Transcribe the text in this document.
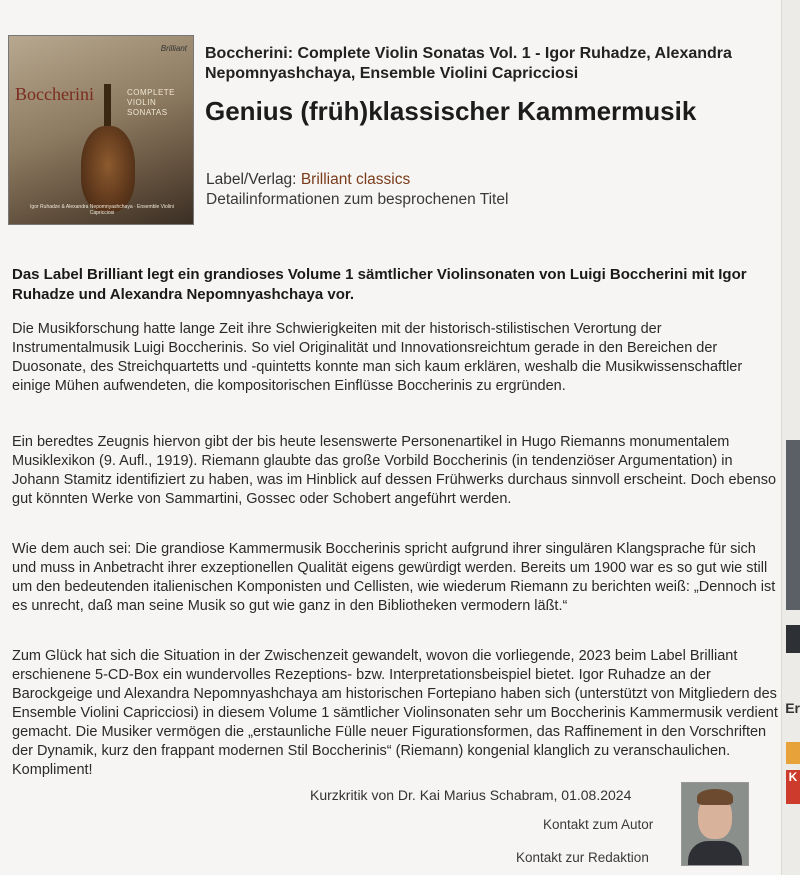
Brilliant
Boccherini	COMPLETE VIOLIN SONATAS
Igor Ruhadze & Alexandra Nepomnyashchaya · Ensemble Violini Capricciosi
Boccherini: Complete Violin Sonatas Vol. 1 - Igor Ruhadze, Alexandra Nepomnyashchaya, Ensemble Violini Capricciosi
Genius (früh)klassischer Kammermusik
Label/Verlag: Brilliant classics
Detailinformationen zum besprochenen Titel
Das Label Brilliant legt ein grandioses Volume 1 sämtlicher Violinsonaten von Luigi Boccherini mit Igor Ruhadze und Alexandra Nepomnyashchaya vor.

Die Musikforschung hatte lange Zeit ihre Schwierigkeiten mit der historisch-stilistischen Verortung der Instrumentalmusik Luigi Boccherinis. So viel Originalität und Innovationsreichtum gerade in den Bereichen der Duosonate, des Streichquartetts und -quintetts konnte man sich kaum erklären, weshalb die Musikwissenschaftler einige Mühen aufwendeten, die kompositorischen Einflüsse Boccherinis zu ergründen.

Ein beredtes Zeugnis hiervon gibt der bis heute lesenswerte Personenartikel in Hugo Riemanns monumentalem Musiklexikon (9. Aufl., 1919). Riemann glaubte das große Vorbild Boccherinis (in tendenziöser Argumentation) in Johann Stamitz identifiziert zu haben, was im Hinblick auf dessen Frühwerks durchaus sinnvoll erscheint. Doch ebenso gut könnten Werke von Sammartini, Gossec oder Schobert angeführt werden.

Wie dem auch sei: Die grandiose Kammermusik Boccherinis spricht aufgrund ihrer singulären Klangsprache für sich und muss in Anbetracht ihrer exzeptionellen Qualität eigens gewürdigt werden. Bereits um 1900 war es so gut wie still um den bedeutenden italienischen Komponisten und Cellisten, wie wiederum Riemann zu berichten weiß: „Dennoch ist es unrecht, daß man seine Musik so gut wie ganz in den Bibliotheken vermodern läßt.“

Zum Glück hat sich die Situation in der Zwischenzeit gewandelt, wovon die vorliegende, 2023 beim Label Brilliant erschienene 5-CD-Box ein wundervolles Rezeptions- bzw. Interpretationsbeispiel bietet. Igor Ruhadze an der Barockgeige und Alexandra Nepomnyashchaya am historischen Fortepiano haben sich (unterstützt von Mitgliedern des Ensemble Violini Capricciosi) in diesem Volume 1 sämtlicher Violinsonaten sehr um Boccherinis Kammermusik verdient gemacht. Die Musiker vermögen die „erstaunliche Fülle neuer Figurationsformen, das Raffinement in den Vorschriften der Dynamik, kurz den frappant modernen Stil Boccherinis“ (Riemann) kongenial klanglich zu veranschaulichen. Kompliment!

Kurzkritik von Dr. Kai Marius Schabram, 01.08.2024
Kontakt zum Autor
Kontakt zur Redaktion
Er
K
